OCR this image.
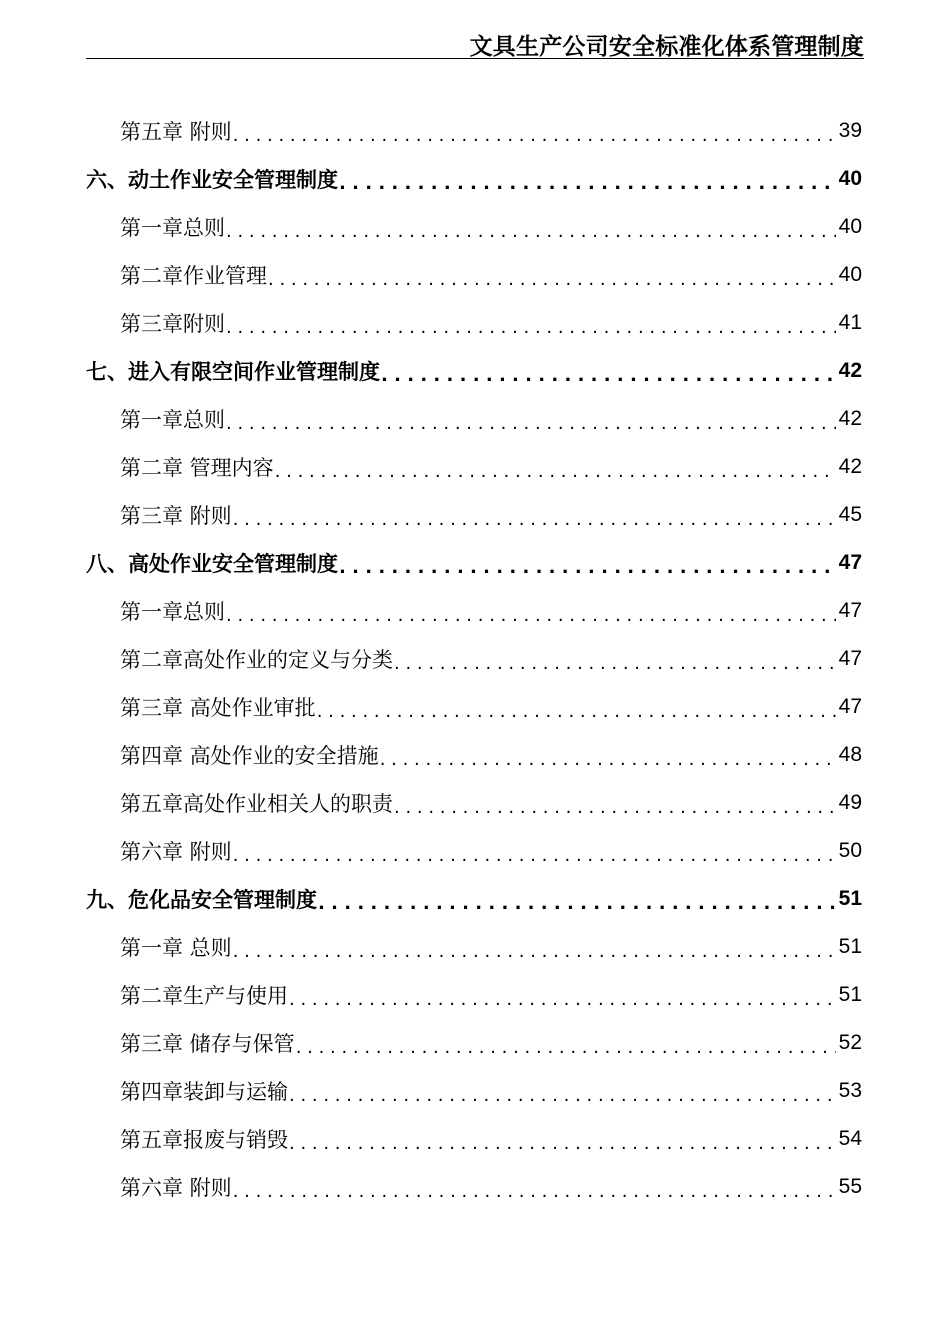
文具生产公司安全标准化体系管理制度
第五章 附则 . . .	39
六、动土作业安全管理制度 . . .	40
第一章总则 . . .	40
第二章作业管理 . . .	40
第三章附则 . . .	41
七、进入有限空间作业管理制度 . . .	42
第一章总则 . . .	42
第二章 管理内容 . . .	42
第三章 附则 . . .	45
八、高处作业安全管理制度 . . .	47
第一章总则 . . .	47
第二章高处作业的定义与分类 . . .	47
第三章 高处作业审批 . . .	47
第四章 高处作业的安全措施 . . .	48
第五章高处作业相关人的职责 . . .	49
第六章 附则 . . .	50
九、危化品安全管理制度 . . .	51
第一章 总则 . . .	51
第二章生产与使用 . . .	51
第三章 储存与保管 . . .	52
第四章装卸与运输 . . .	53
第五章报废与销毁 . . .	54
第六章 附则 . . .	55
